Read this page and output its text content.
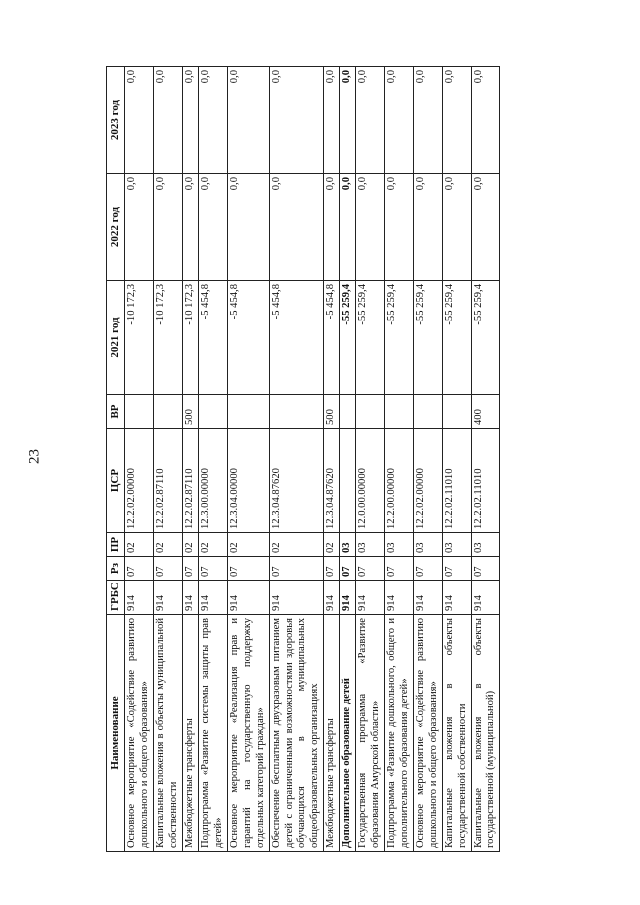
23
Наименование	ГРБС	Рз	ПР	ЦСР	ВР	2021 год	2022 год	2023 год
Основное мероприятие «Содействие развитию дошкольного и общего образования»	914	07	02	12.2.02.00000		-10 172,3	0,0	0,0
Капитальные вложения в объекты муниципальной собственности	914	07	02	12.2.02.87110		-10 172,3	0,0	0,0
Межбюджетные трансферты	914	07	02	12.2.02.87110	500	-10 172,3	0,0	0,0
Подпрограмма «Развитие системы защиты прав детей»	914	07	02	12.3.00.00000		-5 454,8	0,0	0,0
Основное мероприятие «Реализация прав и гарантий на государственную поддержку отдельных категорий граждан»	914	07	02	12.3.04.00000		-5 454,8	0,0	0,0
Обеспечение бесплатным двухразовым питанием детей с ограниченными возможностями здоровья обучающихся в муниципальных общеобразовательных организациях	914	07	02	12.3.04.87620		-5 454,8	0,0	0,0
Межбюджетные трансферты	914	07	02	12.3.04.87620	500	-5 454,8	0,0	0,0
Дополнительное образование детей	914	07	03			-55 259,4	0,0	0,0
Государственная программа «Развитие образования Амурской области»	914	07	03	12.0.00.00000		-55 259,4	0,0	0,0
Подпрограмма «Развитие дошкольного, общего и дополнительного образования детей»	914	07	03	12.2.00.00000		-55 259,4	0,0	0,0
Основное мероприятие «Содействие развитию дошкольного и общего образования»	914	07	03	12.2.02.00000		-55 259,4	0,0	0,0
Капитальные вложения в объекты государственной собственности	914	07	03	12.2.02.11010		-55 259,4	0,0	0,0
Капитальные вложения в объекты государственной (муниципальной)	914	07	03	12.2.02.11010	400	-55 259,4	0,0	0,0
